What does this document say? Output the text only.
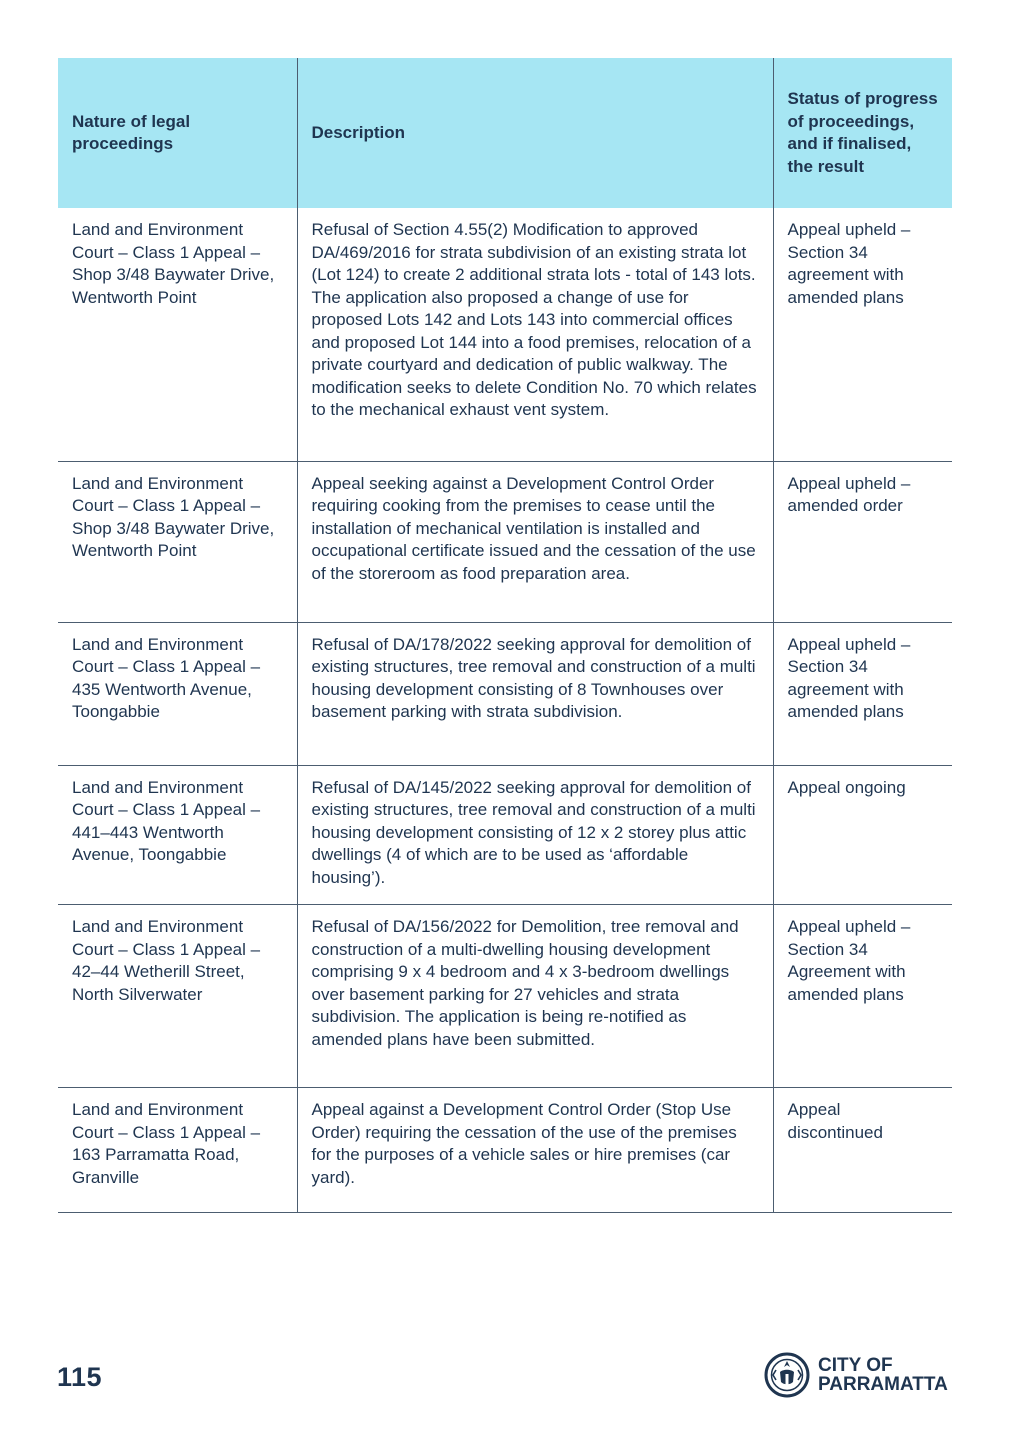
Nature of legal proceedings	Description	Status of progress of proceedings, and if finalised, the result
Land and Environment Court – Class 1 Appeal – Shop 3/48 Baywater Drive, Wentworth Point	Refusal of Section 4.55(2) Modification to approved DA/469/2016 for strata subdivision of an existing strata lot (Lot 124) to create 2 additional strata lots - total of 143 lots. The application also proposed a change of use for proposed Lots 142 and Lots 143 into commercial offices and proposed Lot 144 into a food premises, relocation of a private courtyard and dedication of public walkway. The modification seeks to delete Condition No. 70 which relates to the mechanical exhaust vent system.	Appeal upheld – Section 34 agreement with amended plans
Land and Environment Court – Class 1 Appeal – Shop 3/48 Baywater Drive, Wentworth Point	Appeal seeking against a Development Control Order requiring cooking from the premises to cease until the installation of mechanical ventilation is installed and occupational certificate issued and the cessation of the use of the storeroom as food preparation area.	Appeal upheld – amended order
Land and Environment Court – Class 1 Appeal – 435 Wentworth Avenue, Toongabbie	Refusal of DA/178/2022 seeking approval for demolition of existing structures, tree removal and construction of a multi housing development consisting of 8 Townhouses over basement parking with strata subdivision.	Appeal upheld – Section 34 agreement with amended plans
Land and Environment Court – Class 1 Appeal – 441–443 Wentworth Avenue, Toongabbie	Refusal of DA/145/2022 seeking approval for demolition of existing structures, tree removal and construction of a multi housing development consisting of 12 x 2 storey plus attic dwellings (4 of which are to be used as ‘affordable housing’).	Appeal ongoing
Land and Environment Court – Class 1 Appeal – 42–44 Wetherill Street, North Silverwater	Refusal of DA/156/2022 for Demolition, tree removal and construction of a multi-dwelling housing development comprising 9 x 4 bedroom and 4 x 3-bedroom dwellings over basement parking for 27 vehicles and strata subdivision. The application is being re-notified as amended plans have been submitted.	Appeal upheld – Section 34 Agreement with amended plans
Land and Environment Court – Class 1 Appeal – 163 Parramatta Road, Granville	Appeal against a Development Control Order (Stop Use Order) requiring the cessation of the use of the premises for the purposes of a vehicle sales or hire premises (car yard).	Appeal discontinued
115	CITY OF
PARRAMATTA
